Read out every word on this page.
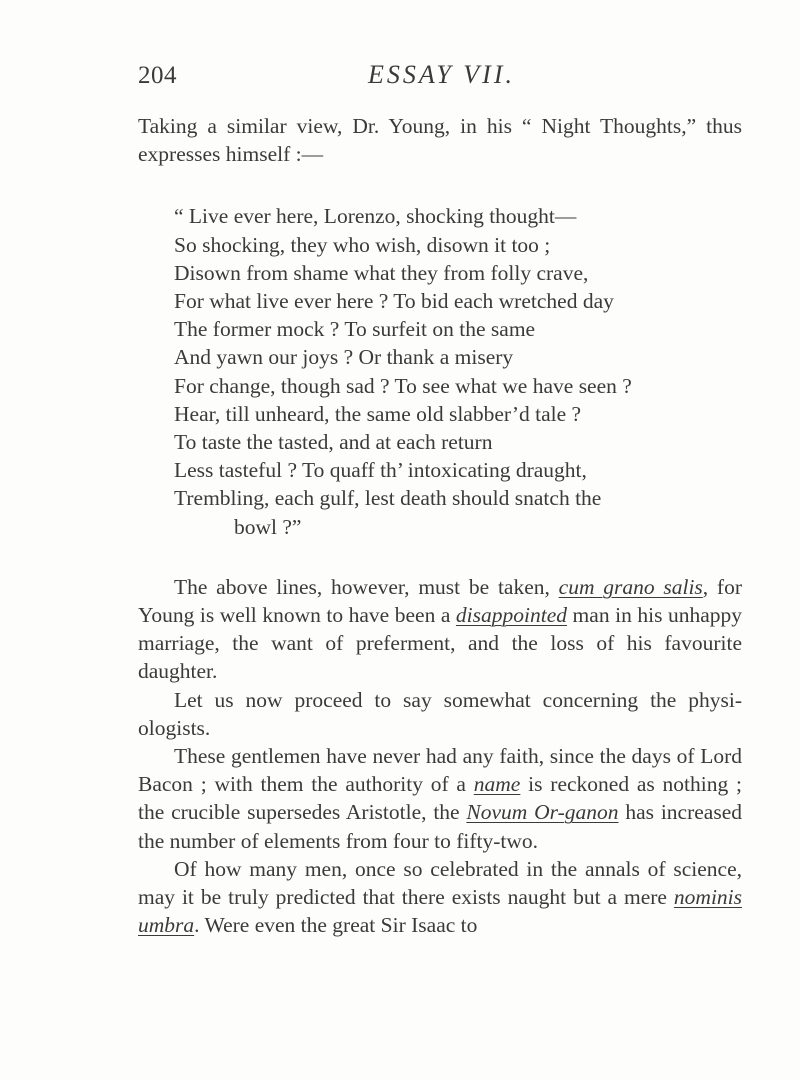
204	ESSAY VII.

Taking a similar view, Dr. Young, in his “ Night Thoughts,” thus expresses himself :—

“ Live ever here, Lorenzo, shocking thought—
So shocking, they who wish, disown it too ;
Disown from shame what they from folly crave,
For what live ever here ? To bid each wretched day
The former mock ? To surfeit on the same
And yawn our joys ? Or thank a misery
For change, though sad ? To see what we have seen ?
Hear, till unheard, the same old slabber’d tale ?
To taste the tasted, and at each return
Less tasteful ? To quaff th’ intoxicating draught,
Trembling, each gulf, lest death should snatch the
bowl ?”

The above lines, however, must be taken, cum grano salis, for Young is well known to have been a disappointed man in his unhappy marriage, the want of preferment, and the loss of his favourite daughter.

Let us now proceed to say somewhat concerning the physi-ologists.

These gentlemen have never had any faith, since the days of Lord Bacon ; with them the authority of a name is reckoned as nothing ; the crucible supersedes Aristotle, the Novum Or-ganon has increased the number of elements from four to fifty-two.

Of how many men, once so celebrated in the annals of science, may it be truly predicted that there exists naught but a mere nominis umbra. Were even the great Sir Isaac to
